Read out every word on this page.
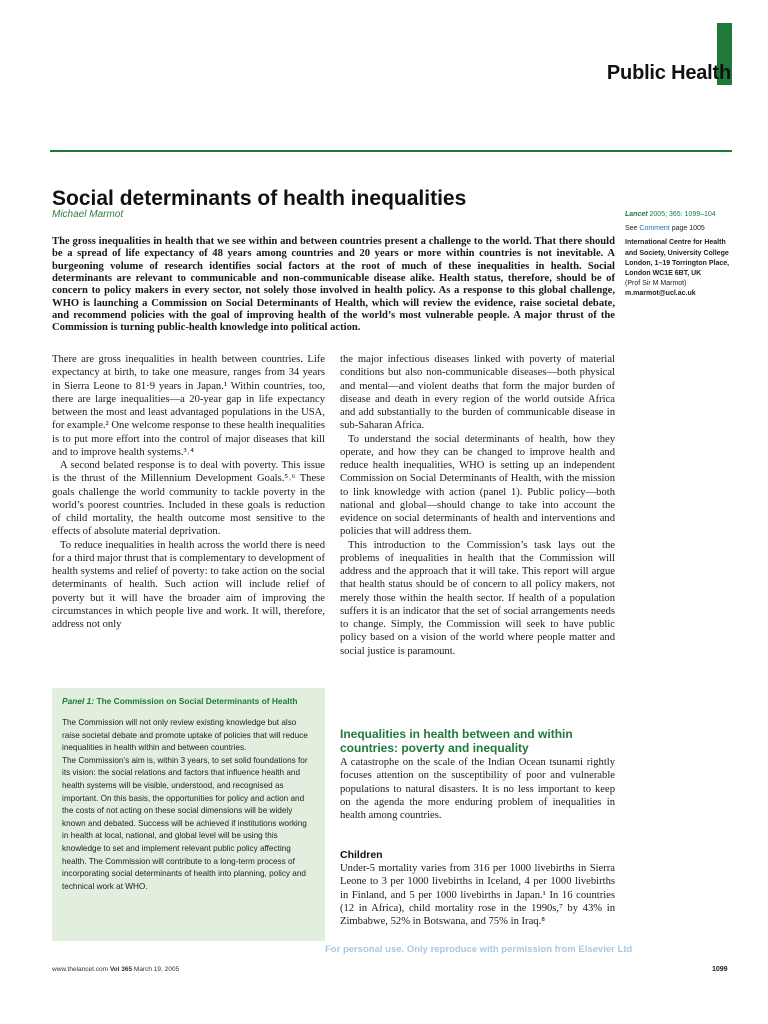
Public Health
Social determinants of health inequalities
Michael Marmot

The gross inequalities in health that we see within and between countries present a challenge to the world. That there should be a spread of life expectancy of 48 years among countries and 20 years or more within countries is not inevitable. A burgeoning volume of research identifies social factors at the root of much of these inequalities in health. Social determinants are relevant to communicable and non-communicable disease alike. Health status, therefore, should be of concern to policy makers in every sector, not solely those involved in health policy. As a response to this global challenge, WHO is launching a Commission on Social Determinants of Health, which will review the evidence, raise societal debate, and recommend policies with the goal of improving health of the world’s most vulnerable people. A major thrust of the Commission is turning public-health knowledge into political action.

Lancet 2005; 365: 1099–104

See Comment page 1005

International Centre for Health and Society, University College London, 1–19 Torrington Place, London WC1E 6BT, UK
(Prof Sir M Marmot)
m.marmot@ucl.ac.uk

There are gross inequalities in health between countries. Life expectancy at birth, to take one measure, ranges from 34 years in Sierra Leone to 81·9 years in Japan.¹ Within countries, too, there are large inequalities—a 20-year gap in life expectancy between the most and least advantaged populations in the USA, for example.² One welcome response to these health inequalities is to put more effort into the control of major diseases that kill and to improve health systems.³˒⁴

A second belated response is to deal with poverty. This issue is the thrust of the Millennium Development Goals.⁵˒⁶ These goals challenge the world community to tackle poverty in the world’s poorest countries. Included in these goals is reduction of child mortality, the health outcome most sensitive to the effects of absolute material deprivation.

To reduce inequalities in health across the world there is need for a third major thrust that is complementary to development of health systems and relief of poverty: to take action on the social determinants of health. Such action will include relief of poverty but it will have the broader aim of improving the circumstances in which people live and work. It will, therefore, address not only

the major infectious diseases linked with poverty of material conditions but also non-communicable diseases—both physical and mental—and violent deaths that form the major burden of disease and death in every region of the world outside Africa and add substantially to the burden of communicable disease in sub-Saharan Africa.

To understand the social determinants of health, how they operate, and how they can be changed to improve health and reduce health inequalities, WHO is setting up an independent Commission on Social Determinants of Health, with the mission to link knowledge with action (panel 1). Public policy—both national and global—should change to take into account the evidence on social determinants of health and interventions and policies that will address them.

This introduction to the Commission’s task lays out the problems of inequalities in health that the Commission will address and the approach that it will take. This report will argue that health status should be of concern to all policy makers, not merely those within the health sector. If health of a population suffers it is an indicator that the set of social arrangements needs to change. Simply, the Commission will seek to have public policy based on a vision of the world where people matter and social justice is paramount.

Inequalities in health between and within countries: poverty and inequality

A catastrophe on the scale of the Indian Ocean tsunami rightly focuses attention on the susceptibility of poor and vulnerable populations to natural disasters. It is no less important to keep on the agenda the more enduring problem of inequalities in health among countries.

Children

Under-5 mortality varies from 316 per 1000 livebirths in Sierra Leone to 3 per 1000 livebirths in Iceland, 4 per 1000 livebirths in Finland, and 5 per 1000 livebirths in Japan.¹ In 16 countries (12 in Africa), child mortality rose in the 1990s,⁷ by 43% in Zimbabwe, 52% in Botswana, and 75% in Iraq.⁸

Panel 1: The Commission on Social Determinants of Health

The Commission will not only review existing knowledge but also raise societal debate and promote uptake of policies that will reduce inequalities in health within and between countries.

The Commission’s aim is, within 3 years, to set solid foundations for its vision: the social relations and factors that influence health and health systems will be visible, understood, and recognised as important. On this basis, the opportunities for policy and action and the costs of not acting on these social dimensions will be widely known and debated. Success will be achieved if institutions working in health at local, national, and global level will be using this knowledge to set and implement relevant public policy affecting health. The Commission will contribute to a long-term process of incorporating social determinants of health into planning, policy and technical work at WHO.

www.thelancet.com Vol 365 March 19, 2005
For personal use. Only reproduce with permission from Elsevier Ltd
1099
